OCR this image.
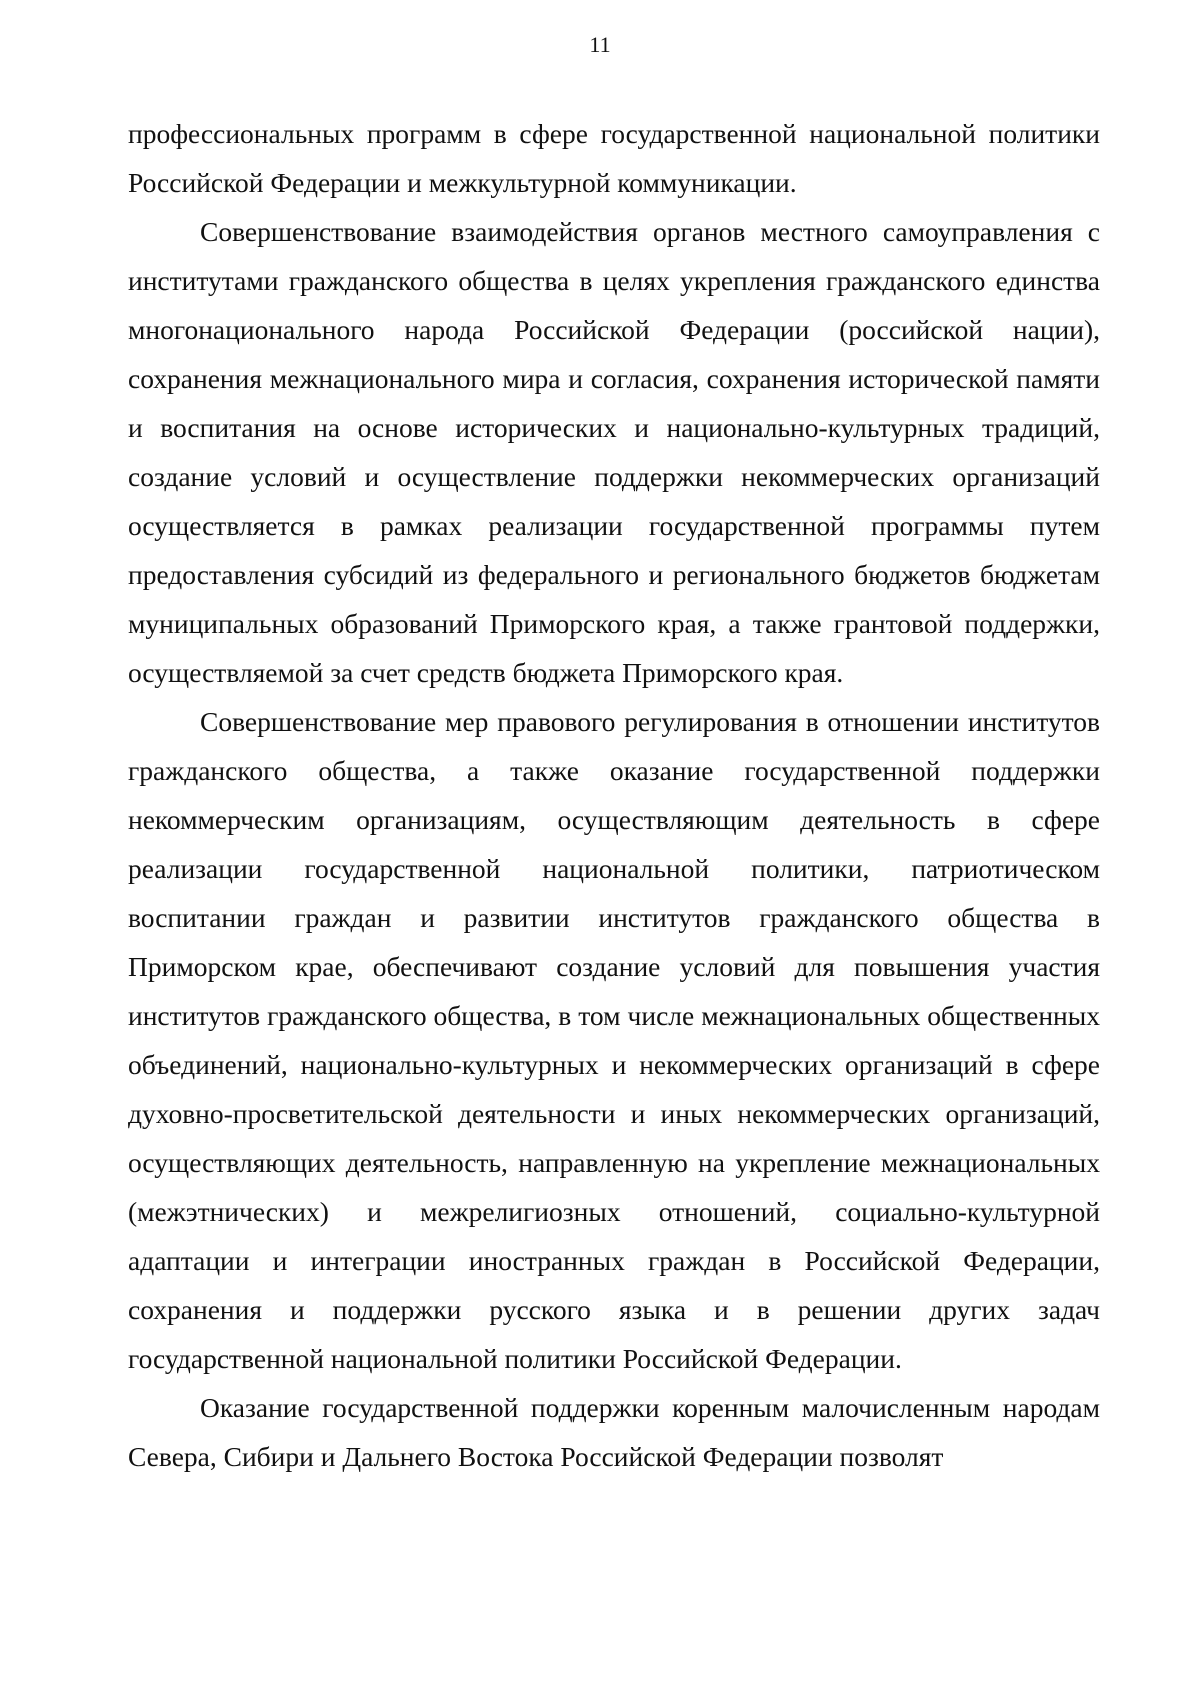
11

профессиональных программ в сфере государственной национальной политики Российской Федерации и межкультурной коммуникации.

Совершенствование взаимодействия органов местного самоуправления с институтами гражданского общества в целях укрепления гражданского единства многонационального народа Российской Федерации (российской нации), сохранения межнационального мира и согласия, сохранения исторической памяти и воспитания на основе исторических и национально-культурных традиций, создание условий и осуществление поддержки некоммерческих организаций осуществляется в рамках реализации государственной программы путем предоставления субсидий из федерального и регионального бюджетов бюджетам муниципальных образований Приморского края, а также грантовой поддержки, осуществляемой за счет средств бюджета Приморского края.

Совершенствование мер правового регулирования в отношении институтов гражданского общества, а также оказание государственной поддержки некоммерческим организациям, осуществляющим деятельность в сфере реализации государственной национальной политики, патриотическом воспитании граждан и развитии институтов гражданского общества в Приморском крае, обеспечивают создание условий для повышения участия институтов гражданского общества, в том числе межнациональных общественных объединений, национально-культурных и некоммерческих организаций в сфере духовно-просветительской деятельности и иных некоммерческих организаций, осуществляющих деятельность, направленную на укрепление межнациональных (межэтнических) и межрелигиозных отношений, социально-культурной адаптации и интеграции иностранных граждан в Российской Федерации, сохранения и поддержки русского языка и в решении других задач государственной национальной политики Российской Федерации.

Оказание государственной поддержки коренным малочисленным народам Севера, Сибири и Дальнего Востока Российской Федерации позволят
